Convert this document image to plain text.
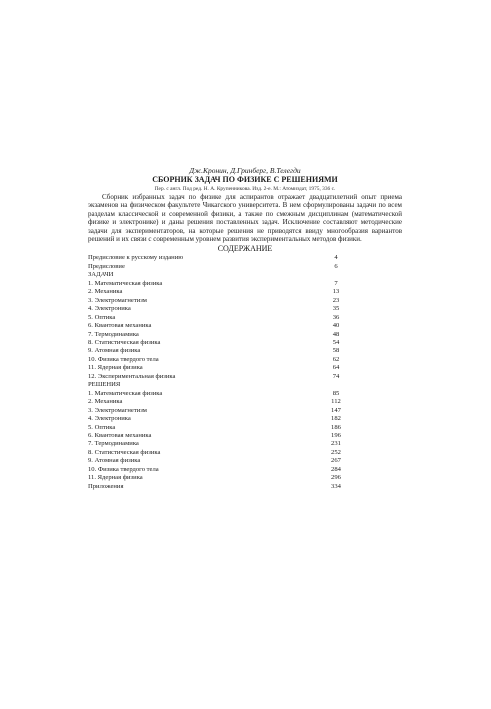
Дж.Кронин, Д.Гринберг, В.Телегди
СБОРНИК ЗАДАЧ ПО ФИЗИКЕ С РЕШЕНИЯМИ
Пер. с англ. Под ред. Н. А. Крупенникова. Изд. 2-е. М.: Атомиздат, 1975, 336 с.
Сборник избранных задач по физике для аспирантов отражает двадцатилетний опыт приема экзаменов на физическом факультете Чикагского университета. В нем сформулированы задачи по всем разделам классической и современной физики, а также по смежным дисциплинам (математической физике и электронике) и даны решения поставленных задач. Исключение составляют методические задачи для экспериментаторов, на которые решения не приводятся ввиду многообразия вариантов решений и их связи с современным уровнем развития экспериментальных методов физики.
СОДЕРЖАНИЕ
Предисловие к русскому изданию	4
Предисловие	6
ЗАДАЧИ
1. Математическая физика	7
2. Механика	13
3. Электромагнетизм	23
4. Электроника	35
5. Оптика	36
6. Квантовая механика	40
7. Термодинамика	48
8. Статистическая физика	54
9. Атомная физика	58
10. Физика твердого тела	62
11. Ядерная физика	64
12. Экспериментальная физика	74
РЕШЕНИЯ
1. Математическая физика	85
2. Механика	112
3. Электромагнетизм	147
4. Электроника	182
5. Оптика	186
6. Квантовая механика	196
7. Термодинамика	231
8. Статистическая физика	252
9. Атомная физика	267
10. Физика твердого тела	284
11. Ядерная физика	296
Приложения	334
